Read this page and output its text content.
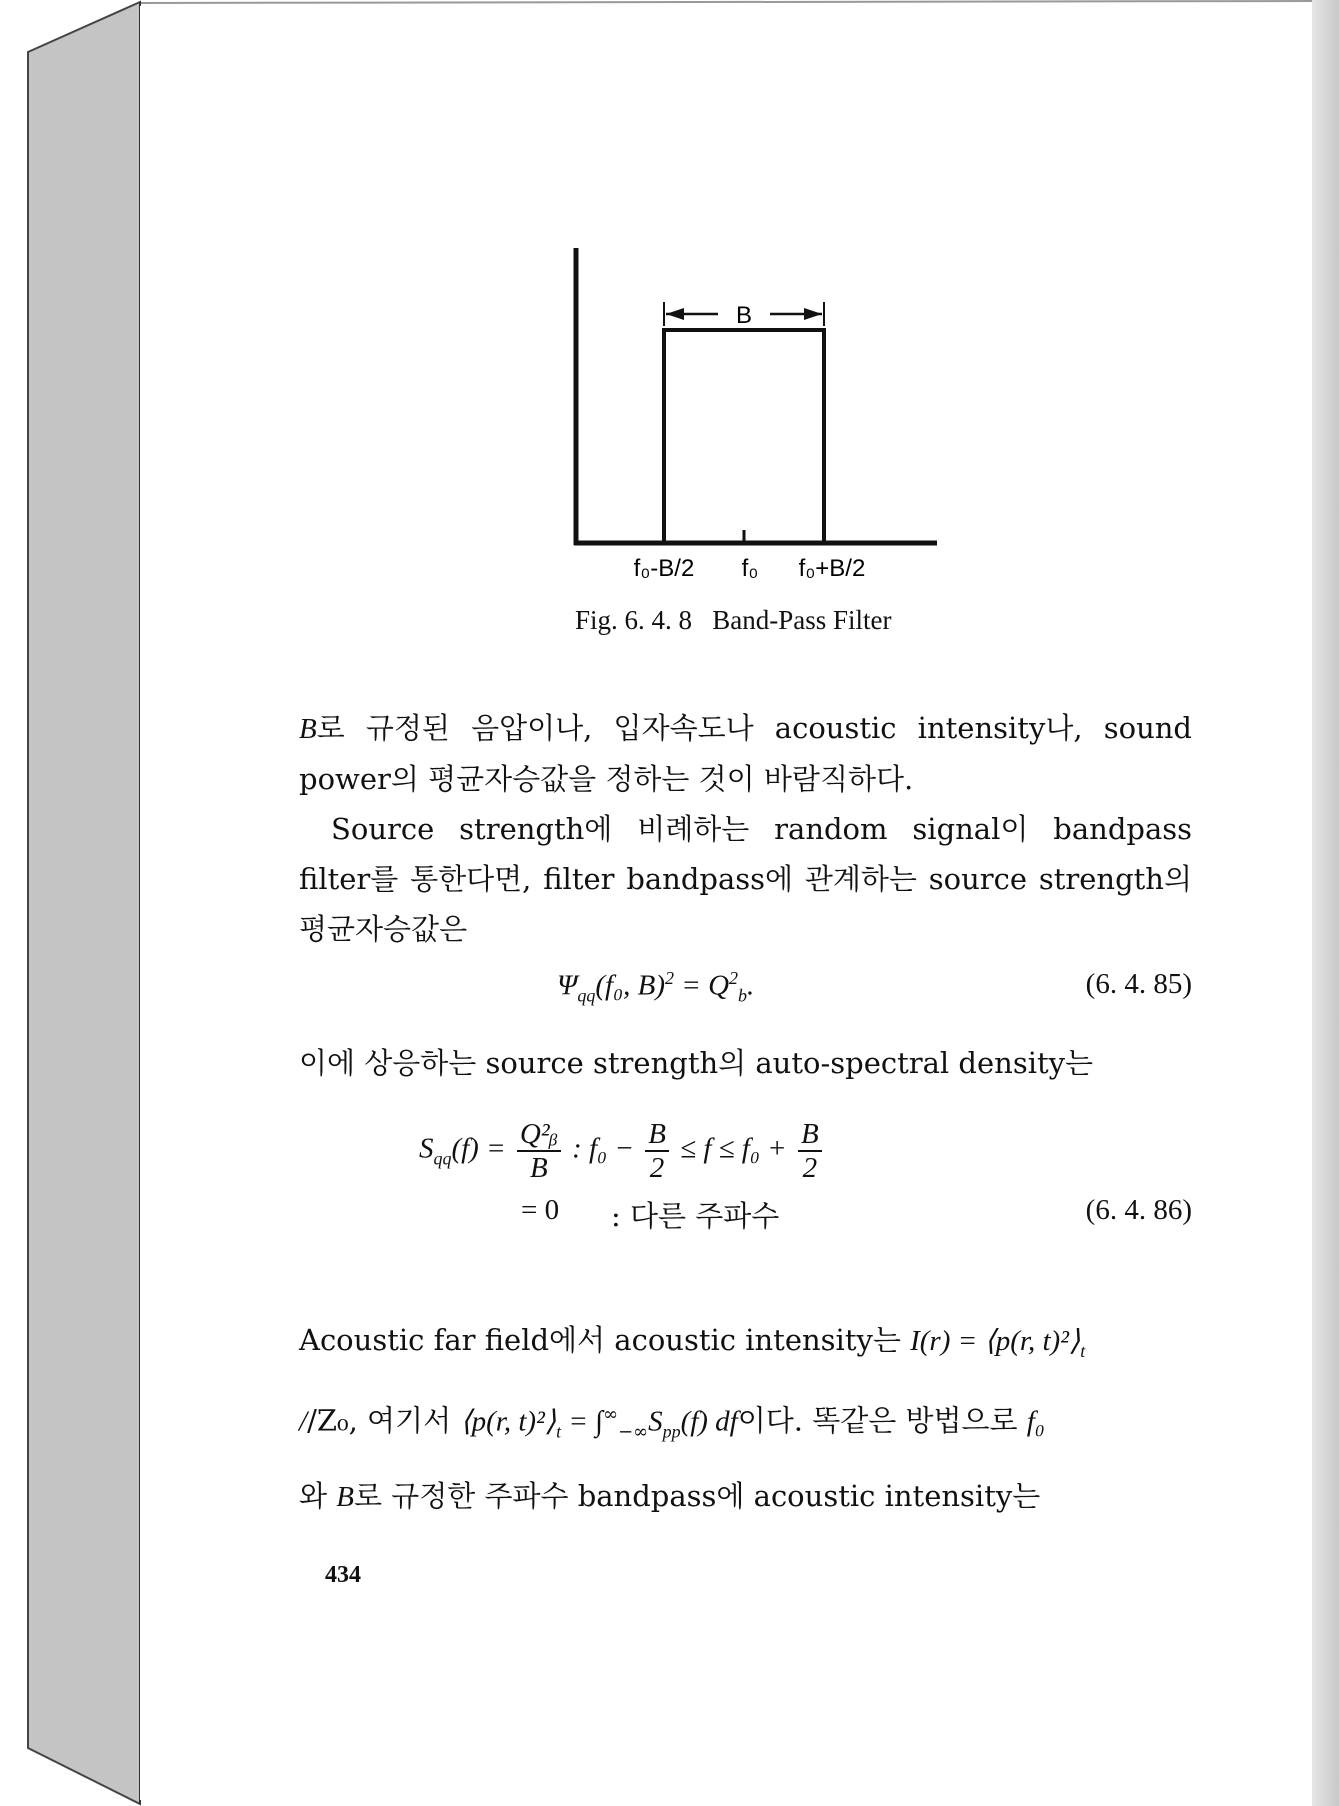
B
f₀-B/2 f₀ f₀+B/2
Fig. 6. 4. 8 Band-Pass Filter

B로 규정된 음압이나, 입자속도나 acoustic intensity나, sound power의 평균자승값을 정하는 것이 바람직하다.

Source strength에 비례하는 random signal이 bandpass filter를 통한다면, filter bandpass에 관계하는 source strength의 평균자승값은

$\Psi_{qq}(f_0$, $B)^2 = Q^2_b$.	(6. 4. 85)

이에 상응하는 source strength의 auto-spectral density는

$S_{qq}(f) = \frac{\text{Q²ᵦ}}{B}$ : $f_0 - \frac{B}{2} \le f \le f_0 + \frac{B}{2}$
= 0 : 다른 주파수	(6. 4. 86)

Acoustic far field에서 acoustic intensity는 I(r) = ⟨p(r, $t)^2⟩_t$

//Z₀, 여기서 ⟨p(r, $t)^2⟩_t = \int^\infty_{-\infty}S_{pp}(f)$ df이다. 똑같은 방법으로 f₀

와 B로 규정한 주파수 bandpass에 acoustic intensity는

434
